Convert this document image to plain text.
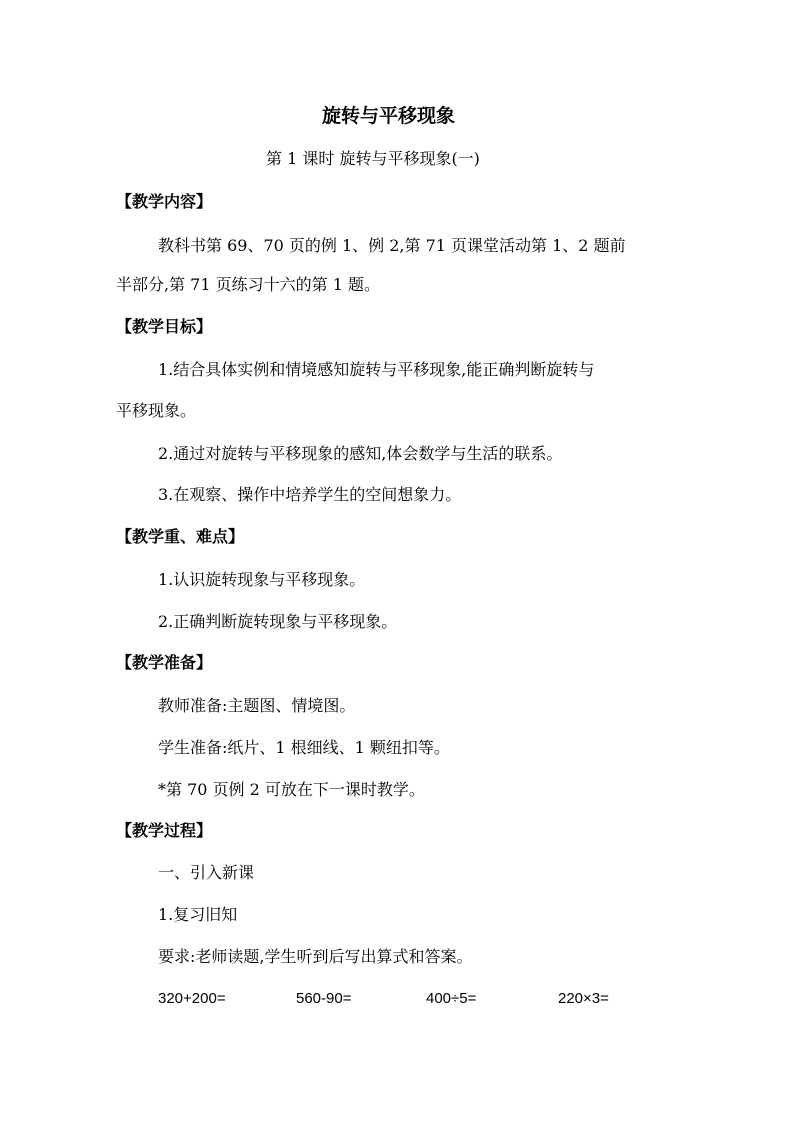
旋转与平移现象
第 1 课时 旋转与平移现象(一)
【教学内容】
教科书第 69、70 页的例 1、例 2,第 71 页课堂活动第 1、2 题前
半部分,第 71 页练习十六的第 1 题。
【教学目标】
1.结合具体实例和情境感知旋转与平移现象,能正确判断旋转与
平移现象。
2.通过对旋转与平移现象的感知,体会数学与生活的联系。
3.在观察、操作中培养学生的空间想象力。
【教学重、难点】
1.认识旋转现象与平移现象。
2.正确判断旋转现象与平移现象。
【教学准备】
教师准备:主题图、情境图。
学生准备:纸片、1 根细线、1 颗纽扣等。
*第 70 页例 2 可放在下一课时教学。
【教学过程】
一、引入新课
1.复习旧知
要求:老师读题,学生听到后写出算式和答案。
320+200=	560-90=	400÷5=	220×3=
